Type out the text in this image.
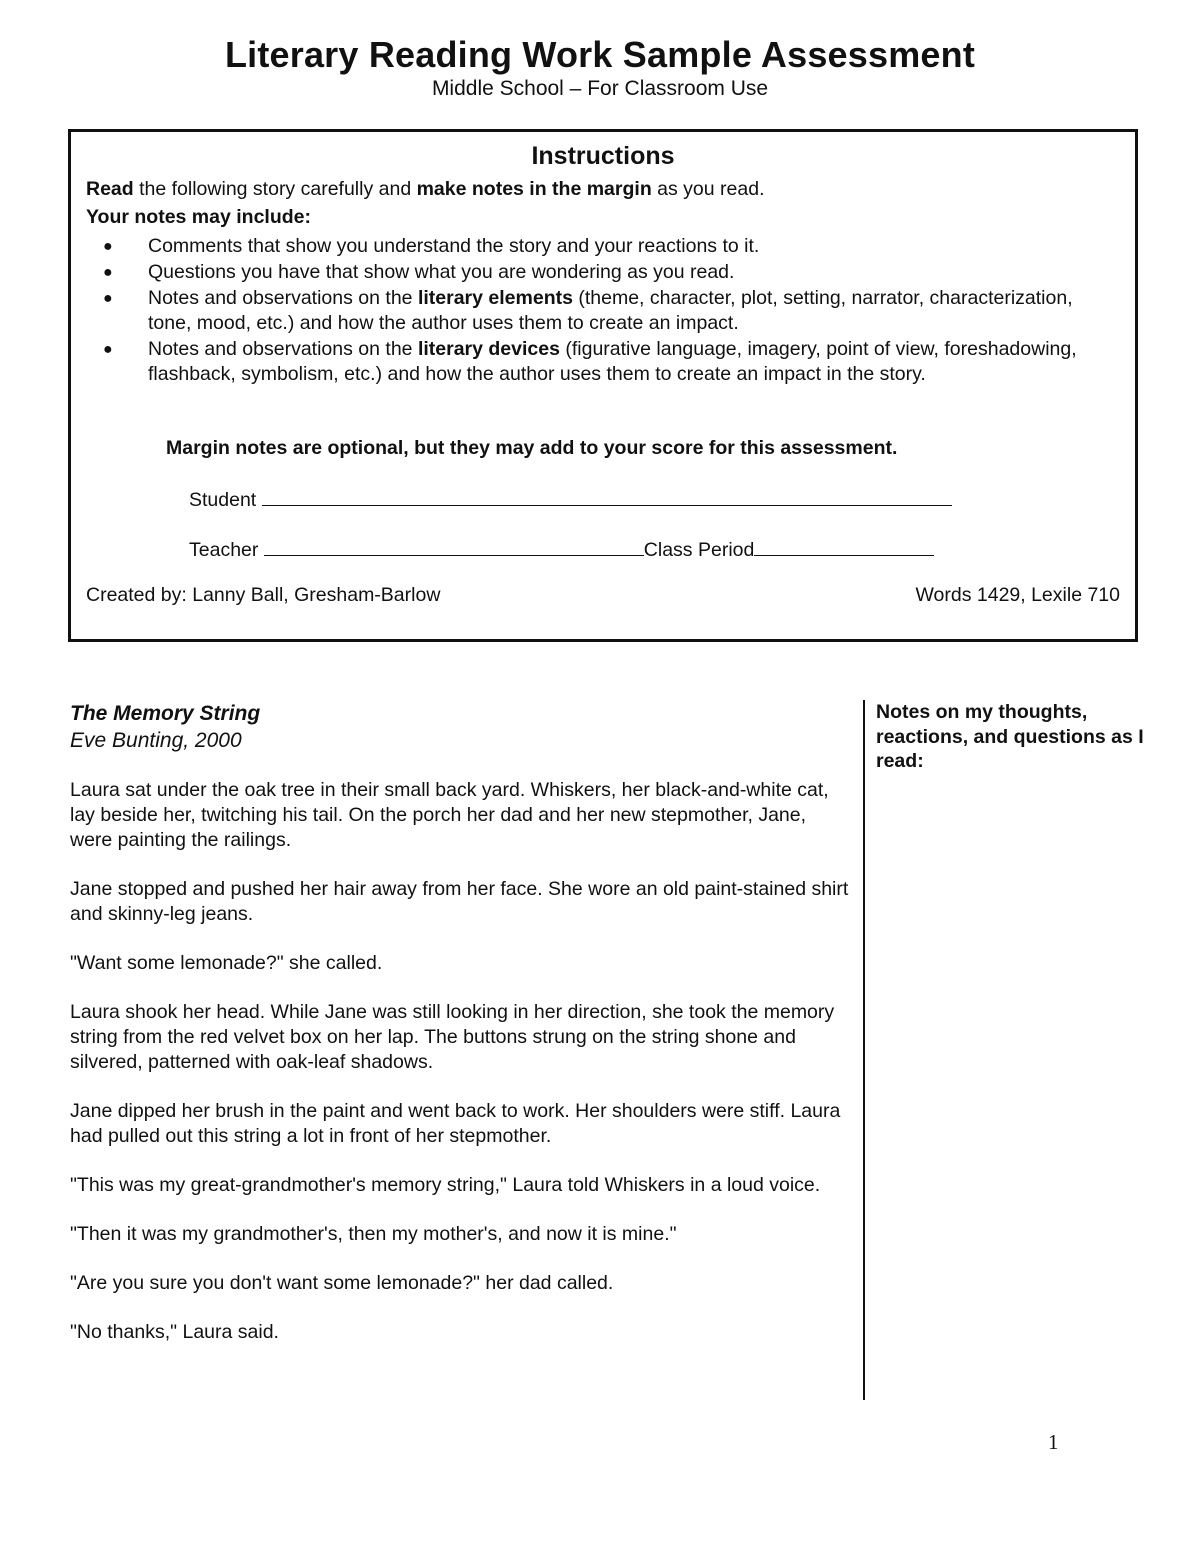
Literary Reading Work Sample Assessment
Middle School – For Classroom Use
Instructions
Read the following story carefully and make notes in the margin as you read.
Your notes may include:
● Comments that show you understand the story and your reactions to it.
● Questions you have that show what you are wondering as you read.
● Notes and observations on the literary elements (theme, character, plot, setting, narrator, characterization, tone, mood, etc.) and how the author uses them to create an impact.
● Notes and observations on the literary devices (figurative language, imagery, point of view, foreshadowing, flashback, symbolism, etc.) and how the author uses them to create an impact in the story.
Margin notes are optional, but they may add to your score for this assessment.
Student
Teacher	Class Period
Created by: Lanny Ball, Gresham-Barlow	Words 1429, Lexile 710
The Memory String
Eve Bunting, 2000

Laura sat under the oak tree in their small back yard. Whiskers, her black-and-white cat, lay beside her, twitching his tail. On the porch her dad and her new stepmother, Jane, were painting the railings.

Jane stopped and pushed her hair away from her face. She wore an old paint-stained shirt and skinny-leg jeans.

"Want some lemonade?" she called.

Laura shook her head. While Jane was still looking in her direction, she took the memory string from the red velvet box on her lap. The buttons strung on the string shone and silvered, patterned with oak-leaf shadows.

Jane dipped her brush in the paint and went back to work. Her shoulders were stiff. Laura had pulled out this string a lot in front of her stepmother.

"This was my great-grandmother's memory string," Laura told Whiskers in a loud voice.

"Then it was my grandmother's, then my mother's, and now it is mine."

"Are you sure you don't want some lemonade?" her dad called.

"No thanks," Laura said.

Notes on my thoughts, reactions, and questions as I read:
1
